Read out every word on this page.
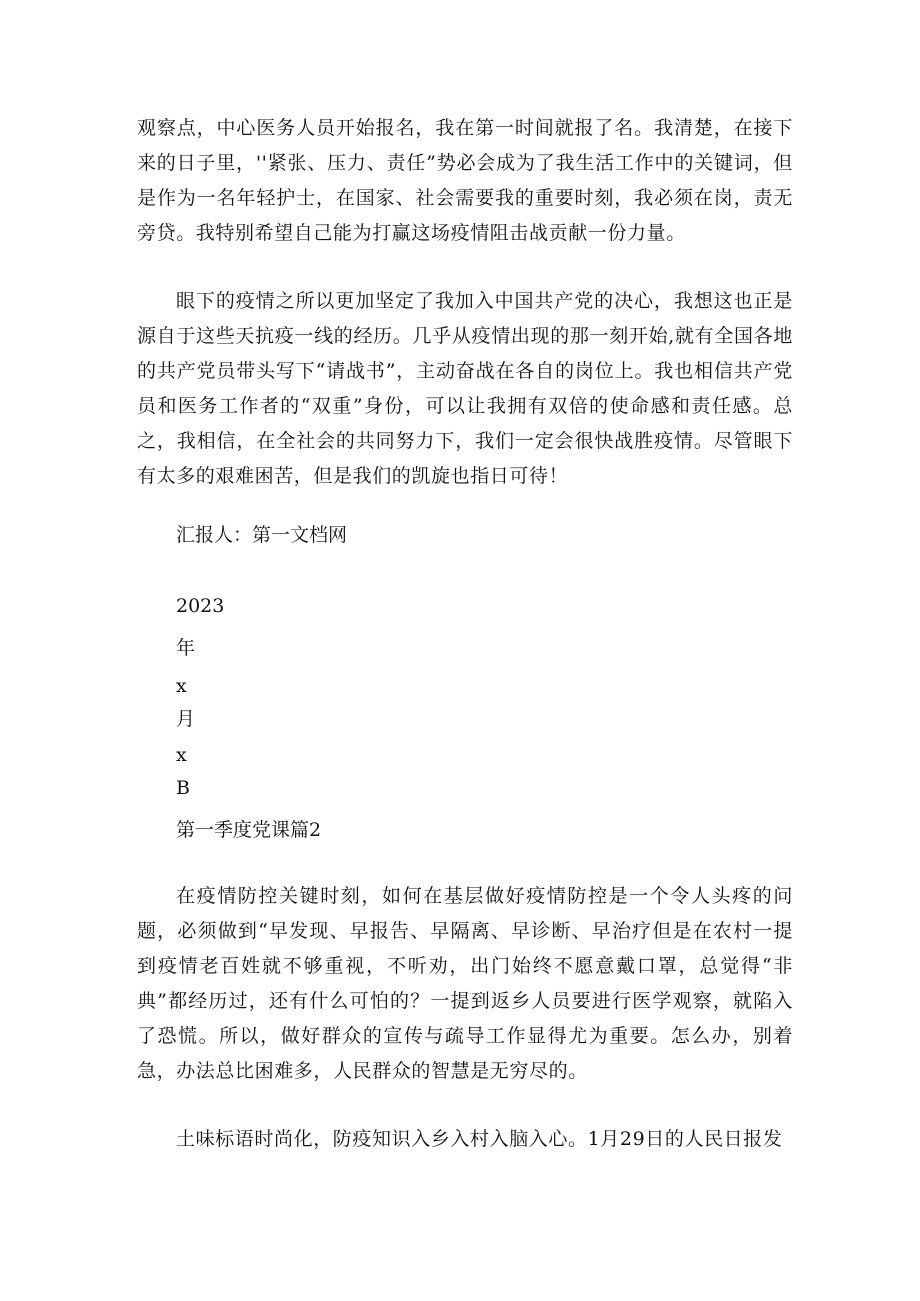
观察点，中心医务人员开始报名，我在第一时间就报了名。我清楚，在接下来的日子里，''紧张、压力、责任”势必会成为了我生活工作中的关键词，但是作为一名年轻护士，在国家、社会需要我的重要时刻，我必须在岗，责无旁贷。我特别希望自己能为打赢这场疫情阻击战贡献一份力量。

眼下的疫情之所以更加坚定了我加入中国共产党的决心，我想这也正是源自于这些天抗疫一线的经历。几乎从疫情出现的那一刻开始,就有全国各地的共产党员带头写下“请战书”，主动奋战在各自的岗位上。我也相信共产党员和医务工作者的“双重”身份，可以让我拥有双倍的使命感和责任感。总之，我相信，在全社会的共同努力下，我们一定会很快战胜疫情。尽管眼下有太多的艰难困苦，但是我们的凯旋也指日可待！

汇报人：第一文档网

2023

年

x

月

x

B

第一季度党课篇2

在疫情防控关键时刻，如何在基层做好疫情防控是一个令人头疼的问题，必须做到“早发现、早报告、早隔离、早诊断、早治疗但是在农村一提到疫情老百姓就不够重视，不听劝，出门始终不愿意戴口罩，总觉得“非典”都经历过，还有什么可怕的？一提到返乡人员要进行医学观察，就陷入了恐慌。所以，做好群众的宣传与疏导工作显得尤为重要。怎么办，别着急，办法总比困难多，人民群众的智慧是无穷尽的。

土味标语时尚化，防疫知识入乡入村入脑入心。1月29日的人民日报发
